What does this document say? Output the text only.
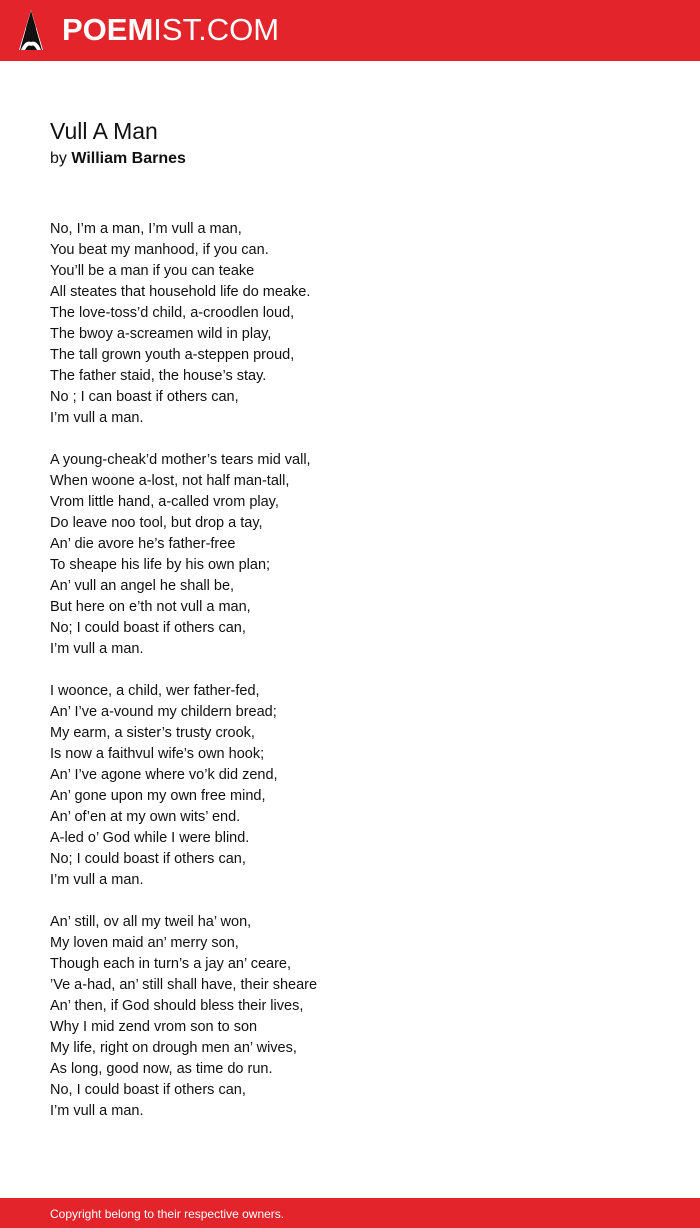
POEMIST.COM
Vull A Man
by William Barnes
No, I’m a man, I’m vull a man,
You beat my manhood, if you can.
You’ll be a man if you can teake
All steates that household life do meake.
The love-toss’d child, a-croodlen loud,
The bwoy a-screamen wild in play,
The tall grown youth a-steppen proud,
The father staid, the house’s stay.
No ; I can boast if others can,
I’m vull a man.
A young-cheak’d mother’s tears mid vall,
When woone a-lost, not half man-tall,
Vrom little hand, a-called vrom play,
Do leave noo tool, but drop a tay,
An’ die avore he’s father-free
To sheape his life by his own plan;
An’ vull an angel he shall be,
But here on e’th not vull a man,
No; I could boast if others can,
I’m vull a man.
I woonce, a child, wer father-fed,
An’ I’ve a-vound my childern bread;
My earm, a sister’s trusty crook,
Is now a faithvul wife’s own hook;
An’ I’ve agone where vo’k did zend,
An’ gone upon my own free mind,
An’ of’en at my own wits’ end.
A-led o’ God while I were blind.
No; I could boast if others can,
I’m vull a man.
An’ still, ov all my tweil ha’ won,
My loven maid an’ merry son,
Though each in turn’s a jay an’ ceare,
’Ve a-had, an’ still shall have, their sheare
An’ then, if God should bless their lives,
Why I mid zend vrom son to son
My life, right on drough men an’ wives,
As long, good now, as time do run.
No, I could boast if others can,
I’m vull a man.
Copyright belong to their respective owners.
